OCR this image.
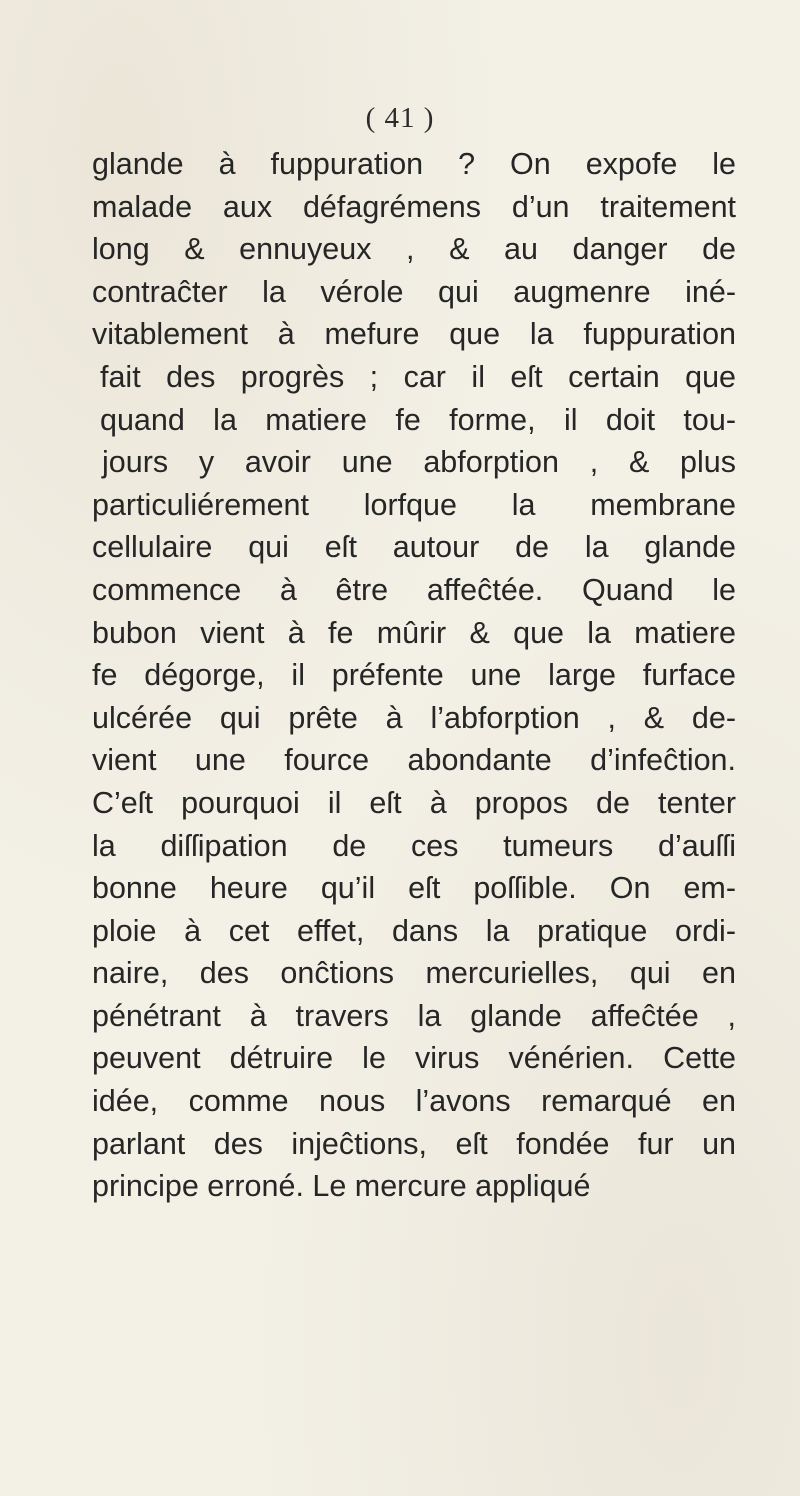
( 41 )
glande à fuppuration ? On expofe le
malade aux défagrémens d’un traitement
long & ennuyeux , & au danger de
contraĉter la vérole qui augmenre iné-
vitablement à mefure que la fuppuration
fait des progrès ; car il eſt certain que
quand la matiere fe forme, il doit tou-
jours y avoir une abforption , & plus
particuliérement lorfque la membrane
cellulaire qui eſt autour de la glande
commence à être affeĉtée. Quand le
bubon vient à fe mûrir & que la matiere
fe dégorge, il préfente une large furface
ulcérée qui prête à l’abforption , & de-
vient une fource abondante d’infeĉtion.
C’eſt pourquoi il eſt à propos de tenter
la diſſipation de ces tumeurs d’auſſi
bonne heure qu’il eſt poſſible. On em-
ploie à cet effet, dans la pratique ordi-
naire, des onĉtions mercurielles, qui en
pénétrant à travers la glande affeĉtée ,
peuvent détruire le virus vénérien. Cette
idée, comme nous l’avons remarqué en
parlant des injeĉtions, eſt fondée fur un
principe erroné. Le mercure appliqué
